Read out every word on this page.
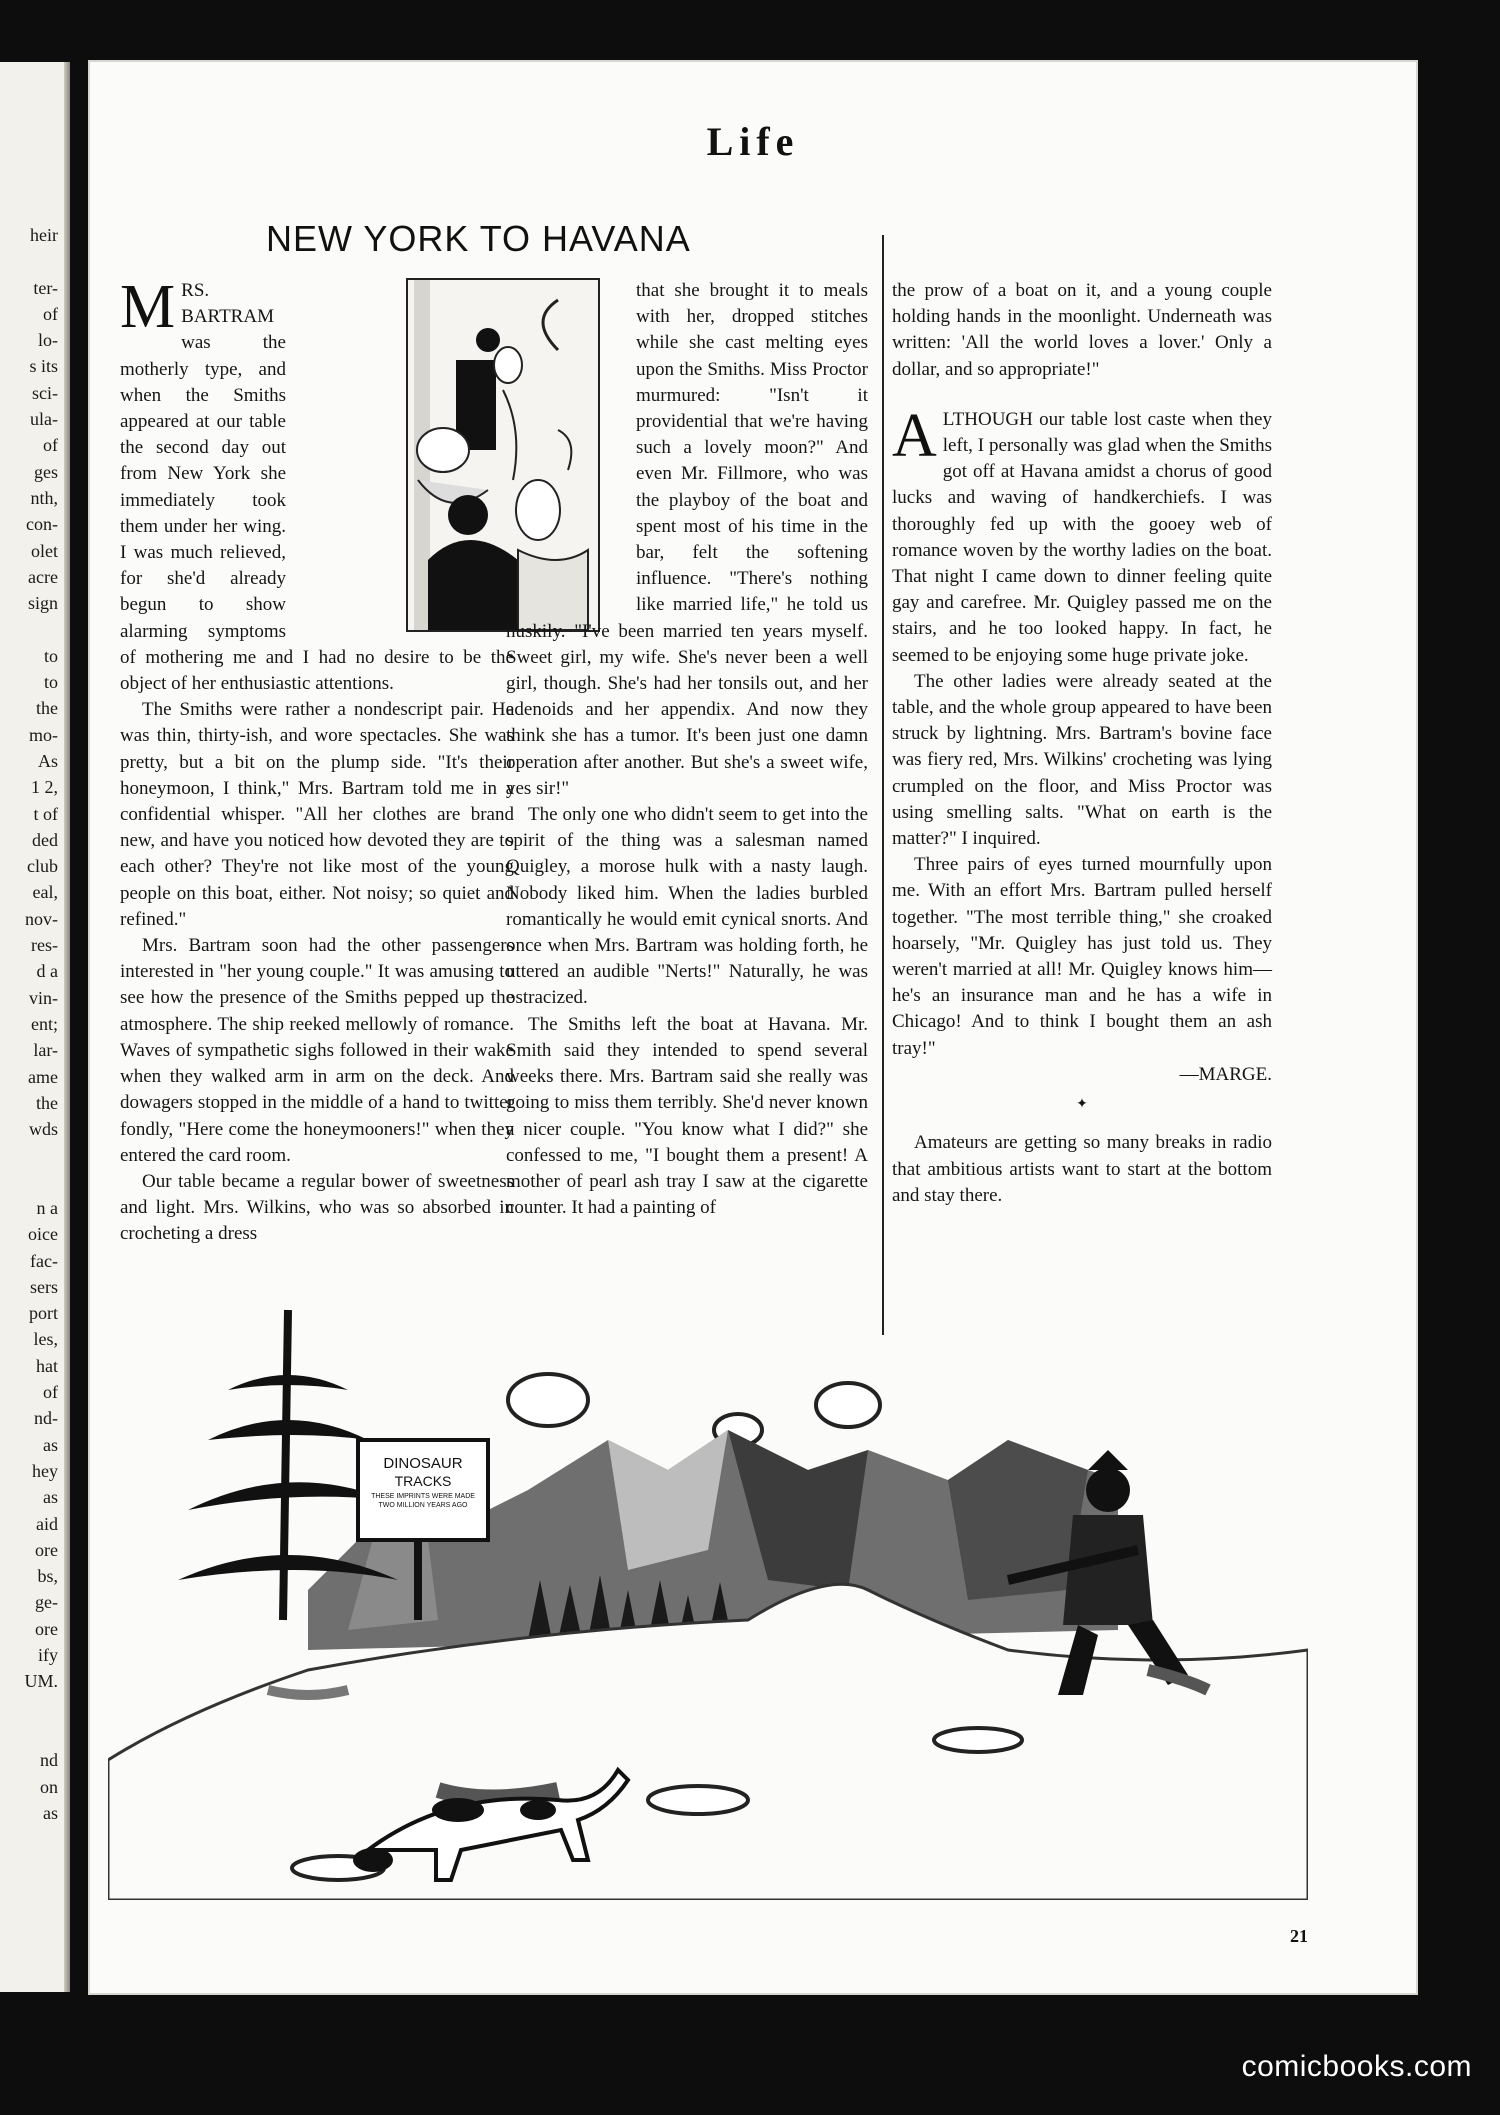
heir

ter-
of
lo-
s its
sci-
ula-
of
ges
nth,
con-
olet
acre
sign

to
to
the
mo-
As
1 2,
t of
ded
club
eal,
nov-
res-
d a
vin-
ent;
lar-
ame
the
wds

n a
oice
fac-
sers
port
les,
hat
of
nd-
as
hey
as
aid
ore
bs,
ge-
ore
ify
UM.

nd
on
as
Life
NEW YORK TO HAVANA

MRS. BARTRAM was the motherly type, and when the Smiths appeared at our table the second day out from New York she immediately took them under her wing. I was much relieved, for she'd already begun to show alarming symptoms of mothering me and I had no desire to be the object of her enthusiastic attentions.

The Smiths were rather a nondescript pair. He was thin, thirty-ish, and wore spectacles. She was pretty, but a bit on the plump side. "It's their honeymoon, I think," Mrs. Bartram told me in a confidential whisper. "All her clothes are brand new, and have you noticed how devoted they are to each other? They're not like most of the young people on this boat, either. Not noisy; so quiet and refined."

Mrs. Bartram soon had the other passengers interested in "her young couple." It was amusing to see how the presence of the Smiths pepped up the atmosphere. The ship reeked mellowly of romance. Waves of sympathetic sighs followed in their wake when they walked arm in arm on the deck. And dowagers stopped in the middle of a hand to twitter fondly, "Here come the honeymooners!" when they entered the card room.

Our table became a regular bower of sweetness and light. Mrs. Wilkins, who was so absorbed in crocheting a dress

that she brought it to meals with her, dropped stitches while she cast melting eyes upon the Smiths. Miss Proctor murmured: "Isn't it providential that we're having such a lovely moon?" And even Mr. Fillmore, who was the playboy of the boat and spent most of his time in the bar, felt the softening influence. "There's nothing like married life," he told us huskily. "I've been married ten years myself. Sweet girl, my wife. She's never been a well girl, though. She's had her tonsils out, and her adenoids and her appendix. And now they think she has a tumor. It's been just one damn operation after another. But she's a sweet wife, yes sir!"

The only one who didn't seem to get into the spirit of the thing was a salesman named Quigley, a morose hulk with a nasty laugh. Nobody liked him. When the ladies burbled romantically he would emit cynical snorts. And once when Mrs. Bartram was holding forth, he uttered an audible "Nerts!" Naturally, he was ostracized.

The Smiths left the boat at Havana. Mr. Smith said they intended to spend several weeks there. Mrs. Bartram said she really was going to miss them terribly. She'd never known a nicer couple. "You know what I did?" she confessed to me, "I bought them a present! A mother of pearl ash tray I saw at the cigarette counter. It had a painting of

the prow of a boat on it, and a young couple holding hands in the moonlight. Underneath was written: 'All the world loves a lover.' Only a dollar, and so appropriate!"

ALTHOUGH our table lost caste when they left, I personally was glad when the Smiths got off at Havana amidst a chorus of good lucks and waving of handkerchiefs. I was thoroughly fed up with the gooey web of romance woven by the worthy ladies on the boat. That night I came down to dinner feeling quite gay and carefree. Mr. Quigley passed me on the stairs, and he too looked happy. In fact, he seemed to be enjoying some huge private joke.

The other ladies were already seated at the table, and the whole group appeared to have been struck by lightning. Mrs. Bartram's bovine face was fiery red, Mrs. Wilkins' crocheting was lying crumpled on the floor, and Miss Proctor was using smelling salts. "What on earth is the matter?" I inquired.

Three pairs of eyes turned mournfully upon me. With an effort Mrs. Bartram pulled herself together. "The most terrible thing," she croaked hoarsely, "Mr. Quigley has just told us. They weren't married at all! Mr. Quigley knows him—he's an insurance man and he has a wife in Chicago! And to think I bought them an ash tray!"

—MARGE.

✦

Amateurs are getting so many breaks in radio that ambitious artists want to start at the bottom and stay there.

DINOSAUR
TRACKS
THESE IMPRINTS WERE MADE TWO MILLION YEARS AGO
21
comicbooks.com
